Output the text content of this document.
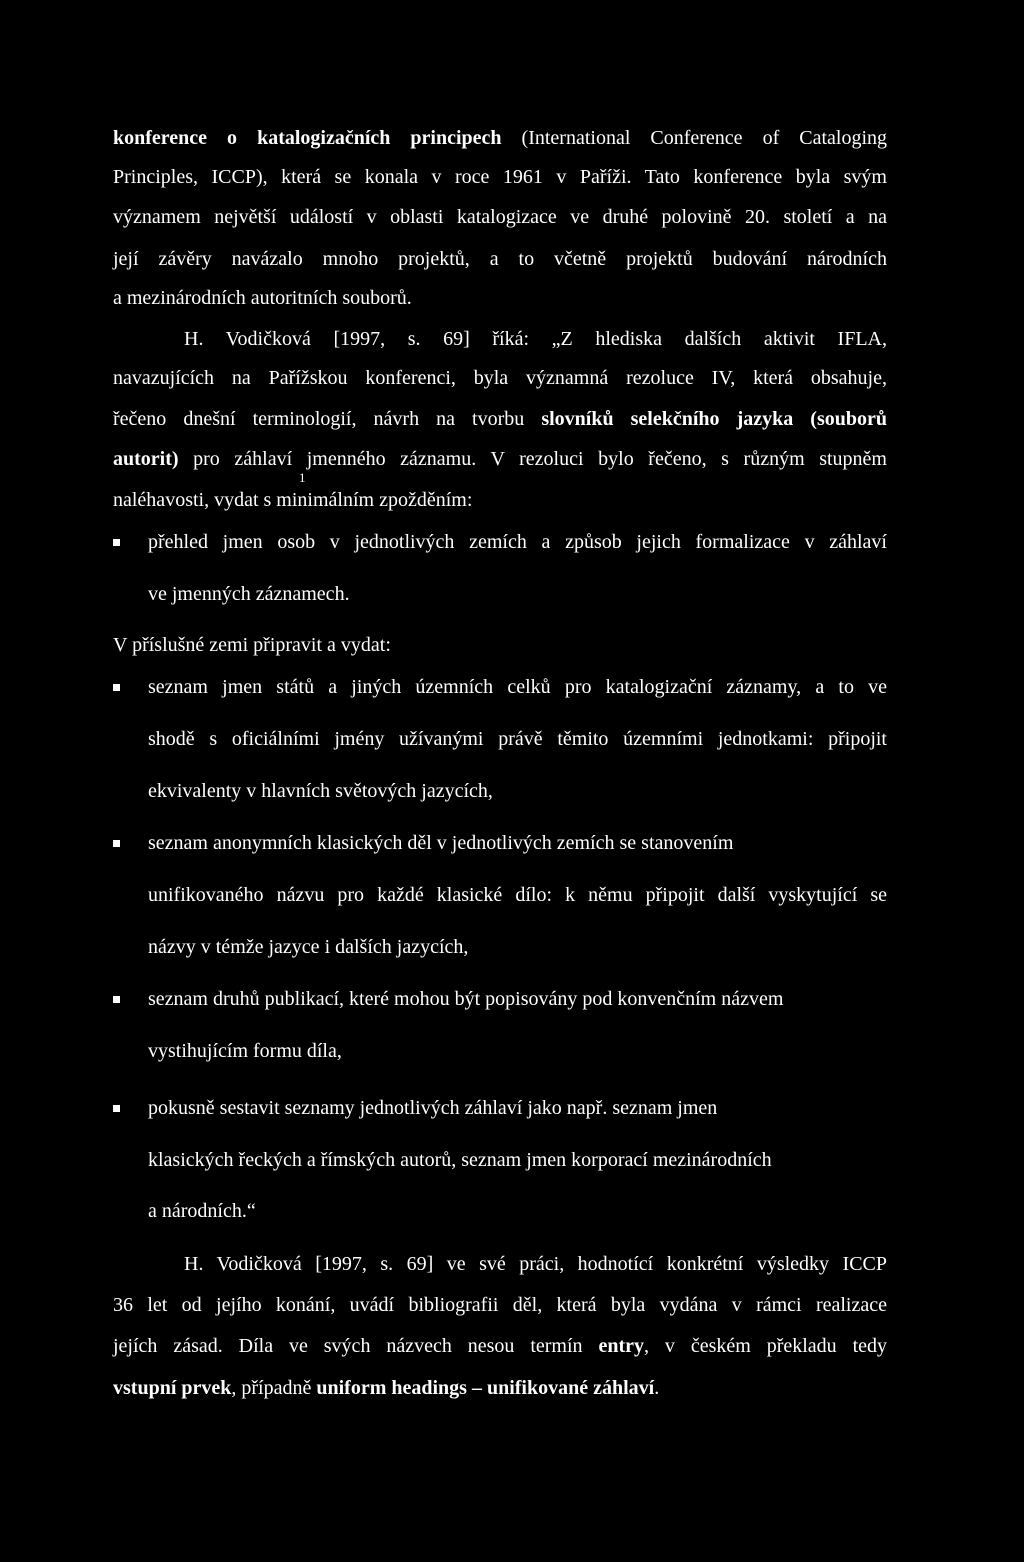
konference o katalogizačních principech (International Conference of Cataloging
Principles, ICCP), která se konala v roce 1961 v Paříži. Tato konference byla svým
významem největší událostí v oblasti katalogizace ve druhé polovině 20. století a na
její závěry navázalo mnoho projektů, a to včetně projektů budování národních
a mezinárodních autoritních souborů.
H. Vodičková [1997, s. 69] říká: „Z hlediska dalších aktivit IFLA,
navazujících na Pařížskou konferenci, byla významná rezoluce IV, která obsahuje,
řečeno dnešní terminologií, návrh na tvorbu slovníků selekčního jazyka (souborů
autorit) pro záhlaví jmenného záznamu. V rezoluci bylo řečeno, s různým stupněm
naléhavosti, vydat s minimálním zpožděním:
1
přehled jmen osob v jednotlivých zemích a způsob jejich formalizace v záhlaví
ve jmenných záznamech.
V příslušné zemi připravit a vydat:
seznam jmen států a jiných územních celků pro katalogizační záznamy, a to ve
shodě s oficiálními jmény užívanými právě těmito územními jednotkami: připojit
ekvivalenty v hlavních světových jazycích,
seznam anonymních klasických děl v jednotlivých zemích se stanovením
unifikovaného názvu pro každé klasické dílo: k němu připojit další vyskytující se
názvy v témže jazyce i dalších jazycích,
seznam druhů publikací, které mohou být popisovány pod konvenčním názvem
vystihujícím formu díla,
pokusně sestavit seznamy jednotlivých záhlaví jako např. seznam jmen
klasických řeckých a římských autorů, seznam jmen korporací mezinárodních
a národních.“
H. Vodičková [1997, s. 69] ve své práci, hodnotící konkrétní výsledky ICCP
36 let od jejího konání, uvádí bibliografii děl, která byla vydána v rámci realizace
jejích zásad. Díla ve svých názvech nesou termín entry, v českém překladu tedy
vstupní prvek, případně uniform headings – unifikované záhlaví.
